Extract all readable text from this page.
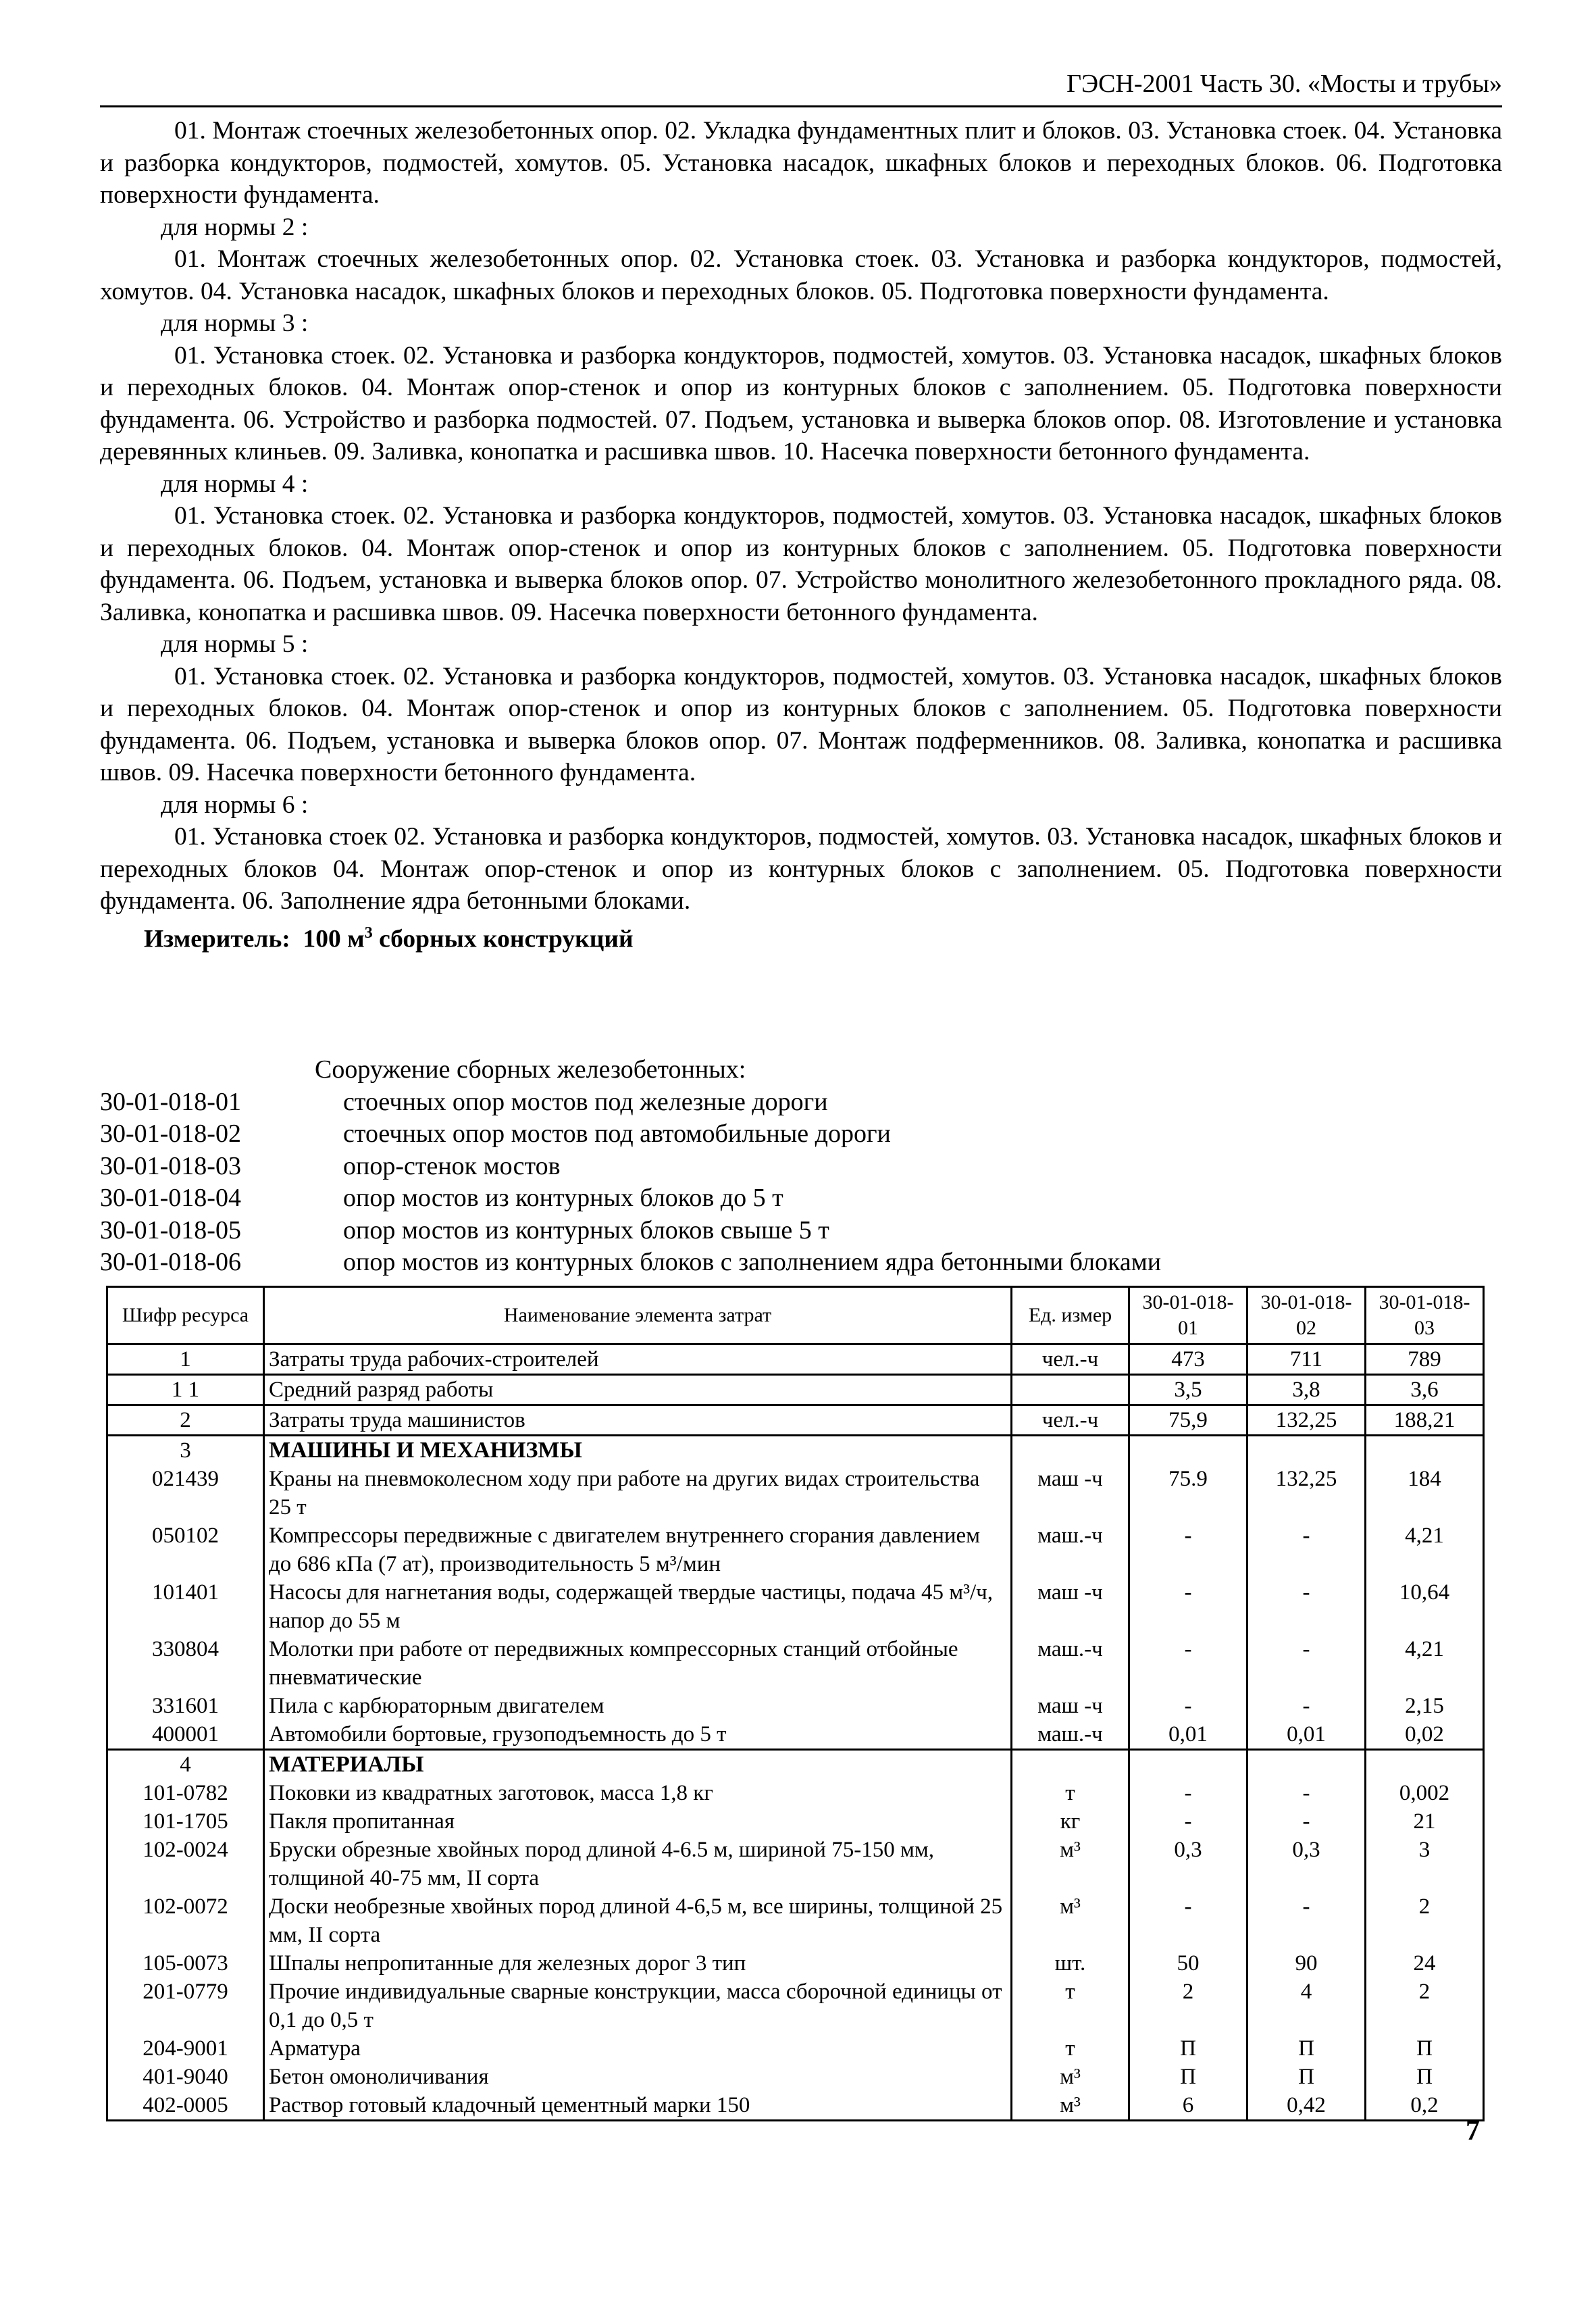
ГЭСН-2001 Часть 30. «Мосты и трубы»

01. Монтаж стоечных железобетонных опор. 02. Укладка фундаментных плит и блоков. 03. Установка стоек. 04. Установка и разборка кондукторов, подмостей, хомутов. 05. Установка насадок, шкафных блоков и переходных блоков. 06. Подготовка поверхности фундамента.

для нормы 2 :

01. Монтаж стоечных железобетонных опор. 02. Установка стоек. 03. Установка и разборка кондукторов, подмостей, хомутов. 04. Установка насадок, шкафных блоков и переходных блоков. 05. Подготовка поверхности фундамента.

для нормы 3 :

01. Установка стоек. 02. Установка и разборка кондукторов, подмостей, хомутов. 03. Установка насадок, шкафных блоков и переходных блоков. 04. Монтаж опор-стенок и опор из контурных блоков с заполнением. 05. Подготовка поверхности фундамента. 06. Устройство и разборка подмостей. 07. Подъем, установка и выверка блоков опор. 08. Изготовление и установка деревянных клиньев. 09. Заливка, конопатка и расшивка швов. 10. Насечка поверхности бетонного фундамента.

для нормы 4 :

01. Установка стоек. 02. Установка и разборка кондукторов, подмостей, хомутов. 03. Установка насадок, шкафных блоков и переходных блоков. 04. Монтаж опор-стенок и опор из контурных блоков с заполнением. 05. Подготовка поверхности фундамента. 06. Подъем, установка и выверка блоков опор. 07. Устройство монолитного железобетонного прокладного ряда. 08. Заливка, конопатка и расшивка швов. 09. Насечка поверхности бетонного фундамента.

для нормы 5 :

01. Установка стоек. 02. Установка и разборка кондукторов, подмостей, хомутов. 03. Установка насадок, шкафных блоков и переходных блоков. 04. Монтаж опор-стенок и опор из контурных блоков с заполнением. 05. Подготовка поверхности фундамента. 06. Подъем, установка и выверка блоков опор. 07. Монтаж подферменников. 08. Заливка, конопатка и расшивка швов. 09. Насечка поверхности бетонного фундамента.

для нормы 6 :

01. Установка стоек 02. Установка и разборка кондукторов, подмостей, хомутов. 03. Установка насадок, шкафных блоков и переходных блоков 04. Монтаж опор-стенок и опор из контурных блоков с заполнением. 05. Подготовка поверхности фундамента. 06. Заполнение ядра бетонными блоками.

Измеритель: 100 $м^3$ сборных конструкций

Сооружение сборных железобетонных:
30-01-018-01	стоечных опор мостов под железные дороги
30-01-018-02	стоечных опор мостов под автомобильные дороги
30-01-018-03	опор-стенок мостов
30-01-018-04	опор мостов из контурных блоков до 5 т
30-01-018-05	опор мостов из контурных блоков свыше 5 т
30-01-018-06	опор мостов из контурных блоков с заполнением ядра бетонными блоками
Шифр ресурса	Наименование элемента затрат	Ед. измер	30-01-018-01	30-01-018-02	30-01-018-03
1	Затраты труда рабочих-строителей	чел.-ч	473	711	789
1 1	Средний разряд работы		3,5	3,8	3,6
2	Затраты труда машинистов	чел.-ч	75,9	132,25	188,21
3	МАШИНЫ И МЕХАНИЗМЫ				
021439	Краны на пневмоколесном ходу при работе на других видах строительства 25 т	маш -ч	75.9	132,25	184
050102	Компрессоры передвижные с двигателем внутреннего сгорания давлением до 686 кПа (7 ат), производительность 5 м³/мин	маш.-ч	-	-	4,21
101401	Насосы для нагнетания воды, содержащей твердые частицы, подача 45 м³/ч, напор до 55 м	маш -ч	-	-	10,64
330804	Молотки при работе от передвижных компрессорных станций отбойные пневматические	маш.-ч	-	-	4,21
331601	Пила с карбюраторным двигателем	маш -ч	-	-	2,15
400001	Автомобили бортовые, грузоподъемность до 5 т	маш.-ч	0,01	0,01	0,02
4	МАТЕРИАЛЫ				
101-0782	Поковки из квадратных заготовок, масса 1,8 кг	т	-	-	0,002
101-1705	Пакля пропитанная	кг	-	-	21
102-0024	Бруски обрезные хвойных пород длиной 4-6.5 м, шириной 75-150 мм, толщиной 40-75 мм, II сорта	м³	0,3	0,3	3
102-0072	Доски необрезные хвойных пород длиной 4-6,5 м, все ширины, толщиной 25 мм, II сорта	м³	-	-	2
105-0073	Шпалы непропитанные для железных дорог 3 тип	шт.	50	90	24
201-0779	Прочие индивидуальные сварные конструкции, масса сборочной единицы от 0,1 до 0,5 т	т	2	4	2
204-9001	Арматура	т	П	П	П
401-9040	Бетон омоноличивания	м³	П	П	П
402-0005	Раствор готовый кладочный цементный марки 150	м³	6	0,42	0,2
7
